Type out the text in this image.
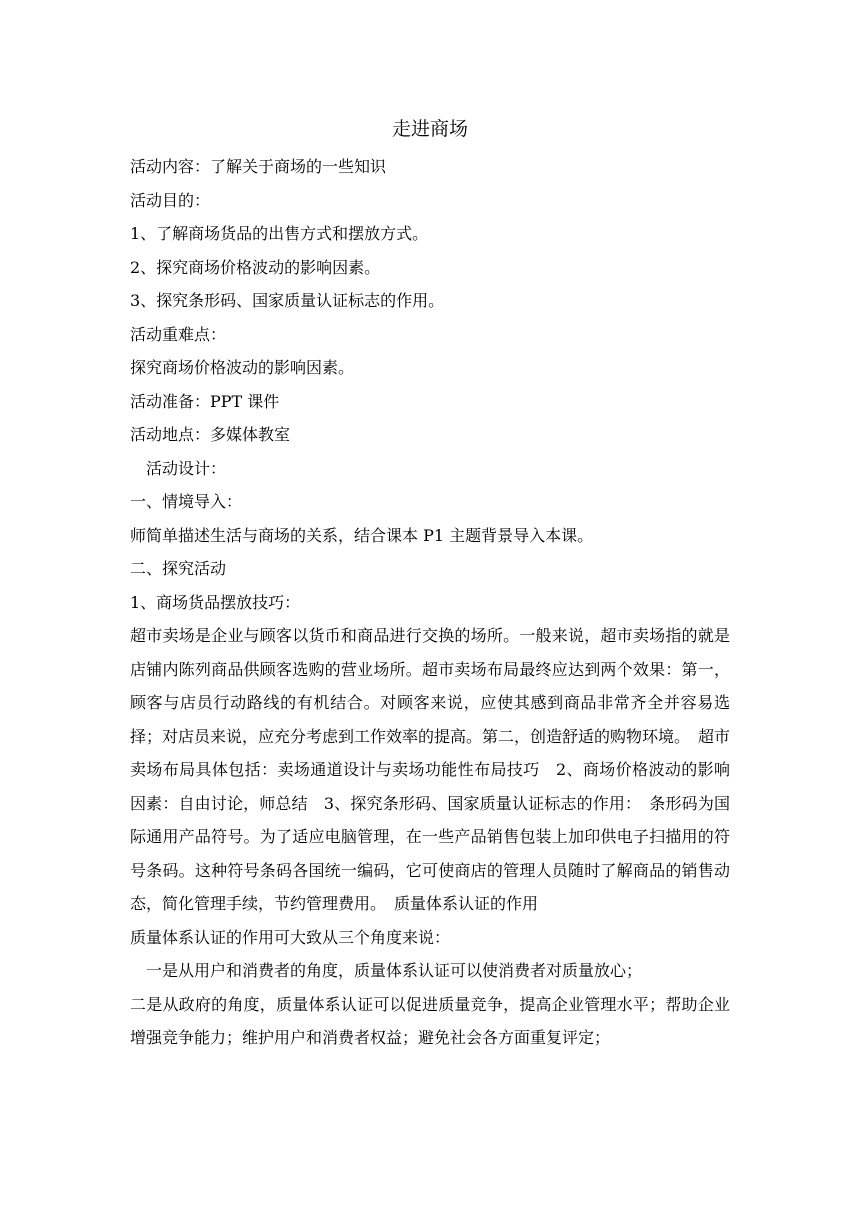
走进商场

活动内容：了解关于商场的一些知识

活动目的：

1、了解商场货品的出售方式和摆放方式。

2、探究商场价格波动的影响因素。

3、探究条形码、国家质量认证标志的作用。

活动重难点：

探究商场价格波动的影响因素。

活动准备：PPT 课件

活动地点：多媒体教室

活动设计：

一、情境导入：

师简单描述生活与商场的关系，结合课本 P1 主题背景导入本课。

二、探究活动

1、商场货品摆放技巧：

超市卖场是企业与顾客以货币和商品进行交换的场所。一般来说，超市卖场指的就是店铺内陈列商品供顾客选购的营业场所。超市卖场布局最终应达到两个效果：第一，顾客与店员行动路线的有机结合。对顾客来说，应使其感到商品非常齐全并容易选择；对店员来说，应充分考虑到工作效率的提高。第二，创造舒适的购物环境。　超市卖场布局具体包括：卖场通道设计与卖场功能性布局技巧　2、商场价格波动的影响因素：自由讨论，师总结　3、探究条形码、国家质量认证标志的作用：　条形码为国际通用产品符号。为了适应电脑管理，在一些产品销售包装上加印供电子扫描用的符号条码。这种符号条码各国统一编码，它可使商店的管理人员随时了解商品的销售动态，简化管理手续，节约管理费用。　质量体系认证的作用

质量体系认证的作用可大致从三个角度来说：

一是从用户和消费者的角度，质量体系认证可以使消费者对质量放心；

二是从政府的角度，质量体系认证可以促进质量竞争，提高企业管理水平；帮助企业增强竞争能力；维护用户和消费者权益；避免社会各方面重复评定；
